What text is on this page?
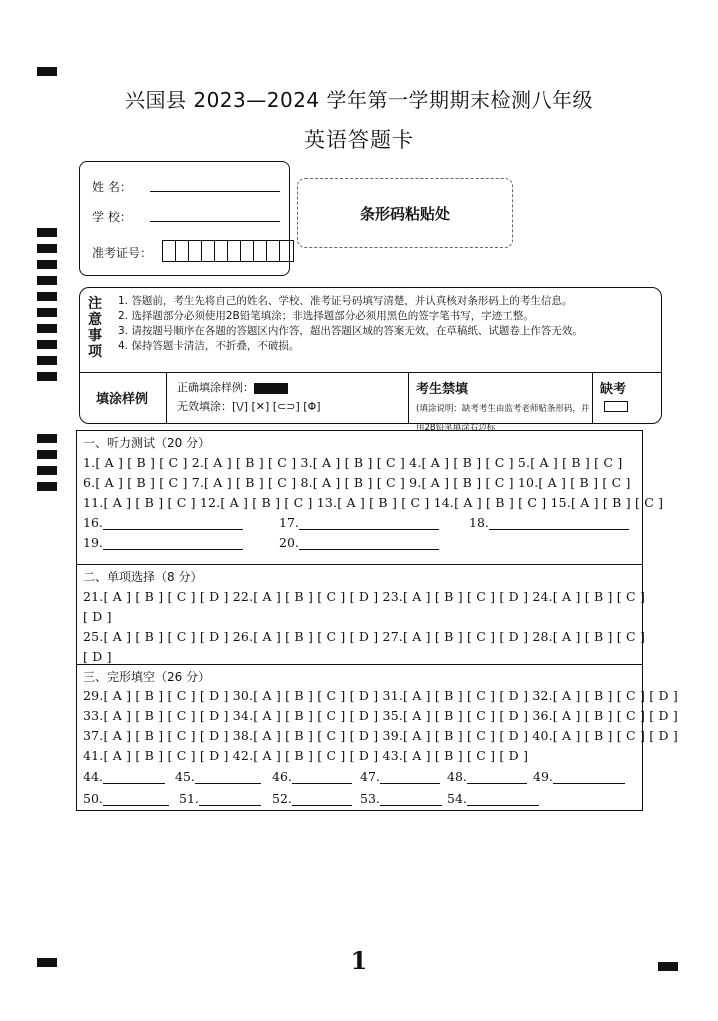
兴国县 2023—2024 学年第一学期期末检测八年级
英语答题卡
姓 名：
学 校：
准考证号：
条形码粘贴处
注意事项
1. 答题前，考生先将自己的姓名、学校、准考证号码填写清楚，并认真核对条形码上的考生信息。
2. 选择题部分必须使用2B铅笔填涂；非选择题部分必须用黑色的签字笔书写，字迹工整。
3. 请按题号顺序在各题的答题区内作答，超出答题区域的答案无效，在草稿纸、试题卷上作答无效。
4. 保持答题卡清洁，不折叠，不破损。
填涂样例
正确填涂样例：
无效填涂：[\/] [✕] [⊂⊃] [Φ]
考生禁填
(填涂说明：缺考考生由监考老师贴条形码，并用2B铅笔填涂右边标
缺考
一、听力测试（20 分）
1.[ A ] [ B ] [ C ] 2.[ A ] [ B ] [ C ] 3.[ A ] [ B ] [ C ] 4.[ A ] [ B ] [ C ] 5.[ A ] [ B ] [ C ]
6.[ A ] [ B ] [ C ] 7.[ A ] [ B ] [ C ] 8.[ A ] [ B ] [ C ] 9.[ A ] [ B ] [ C ] 10.[ A ] [ B ] [ C ]
11.[ A ] [ B ] [ C ] 12.[ A ] [ B ] [ C ] 13.[ A ] [ B ] [ C ] 14.[ A ] [ B ] [ C ] 15.[ A ] [ B ] [ C ]
16.	17.	18.
19.	20.
二、单项选择（8 分）
21.[ A ] [ B ] [ C ] [ D ] 22.[ A ] [ B ] [ C ] [ D ] 23.[ A ] [ B ] [ C ] [ D ] 24.[ A ] [ B ] [ C ]
[ D ]
25.[ A ] [ B ] [ C ] [ D ] 26.[ A ] [ B ] [ C ] [ D ] 27.[ A ] [ B ] [ C ] [ D ] 28.[ A ] [ B ] [ C ]
[ D ]
三、完形填空（26 分）
29.[ A ] [ B ] [ C ] [ D ] 30.[ A ] [ B ] [ C ] [ D ] 31.[ A ] [ B ] [ C ] [ D ] 32.[ A ] [ B ] [ C ] [ D ]
33.[ A ] [ B ] [ C ] [ D ] 34.[ A ] [ B ] [ C ] [ D ] 35.[ A ] [ B ] [ C ] [ D ] 36.[ A ] [ B ] [ C ] [ D ]
37.[ A ] [ B ] [ C ] [ D ] 38.[ A ] [ B ] [ C ] [ D ] 39.[ A ] [ B ] [ C ] [ D ] 40.[ A ] [ B ] [ C ] [ D ]
41.[ A ] [ B ] [ C ] [ D ] 42.[ A ] [ B ] [ C ] [ D ] 43.[ A ] [ B ] [ C ] [ D ]
44.	45.	46.	47.	48.	49.
50.	51.	52.	53.	54.
1
